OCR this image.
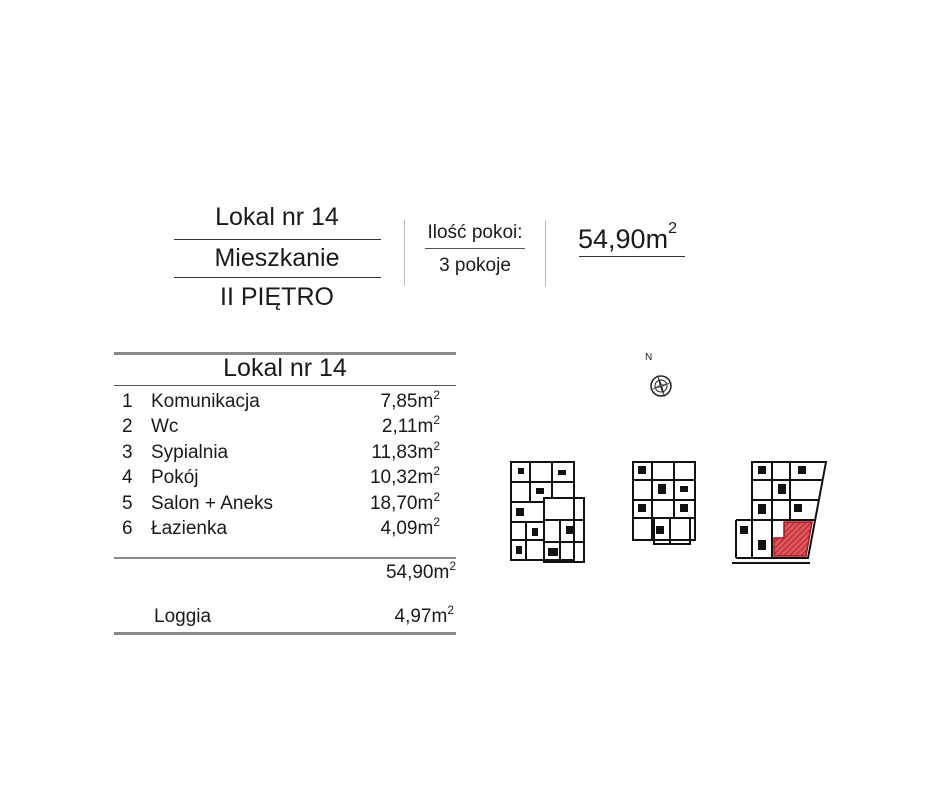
Lokal nr 14
Mieszkanie
II PIĘTRO
Ilość pokoi:
3 pokoje
$54,90m^2$
Lokal nr 14
1 Komunikacja	$7,85m^2$
2 Wc	$2,11m^2$
3 Sypialnia	$11,83m^2$
4 Pokój	$10,32m^2$
5 Salon + Aneks	$18,70m^2$
6 Łazienka	$4,09m^2$
$54,90m^2$
Loggia	$4,97m^2$
N
